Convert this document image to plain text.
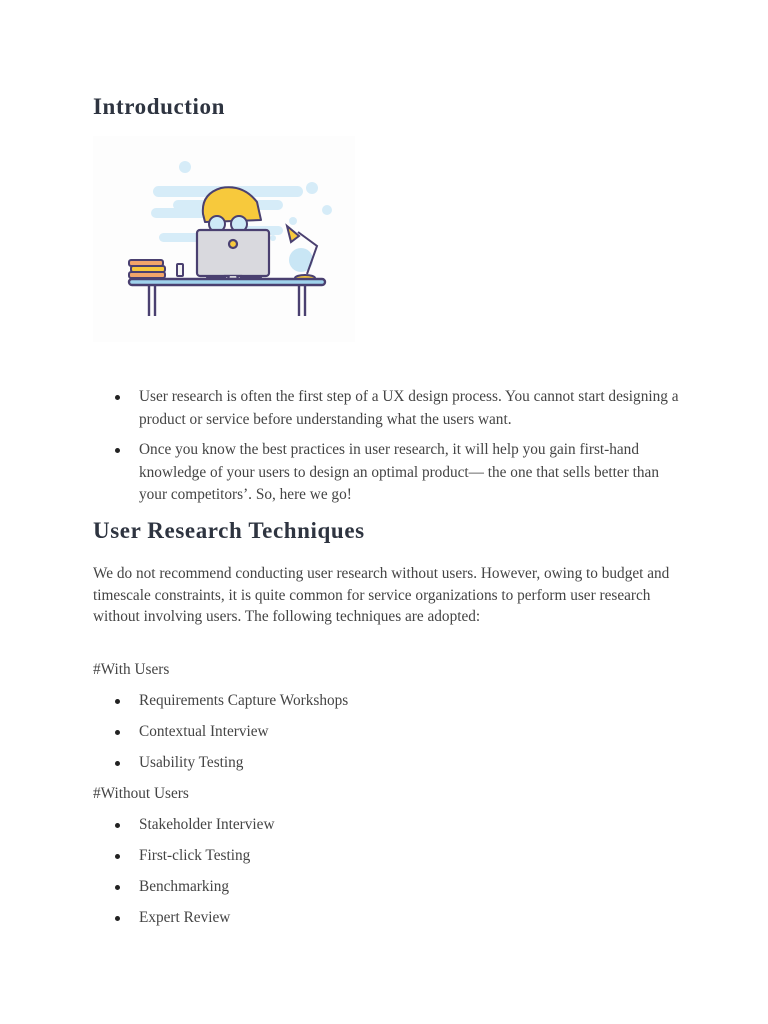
Introduction
User research is often the first step of a UX design process. You cannot start designing a product or service before understanding what the users want.
Once you know the best practices in user research, it will help you gain first-hand knowledge of your users to design an optimal product— the one that sells better than your competitors’. So, here we go!
User Research Techniques

We do not recommend conducting user research without users. However, owing to budget and timescale constraints, it is quite common for service organizations to perform user research without involving users. The following techniques are adopted:

#With Users

Requirements Capture Workshops
Contextual Interview
Usability Testing

#Without Users

Stakeholder Interview
First-click Testing
Benchmarking
Expert Review
